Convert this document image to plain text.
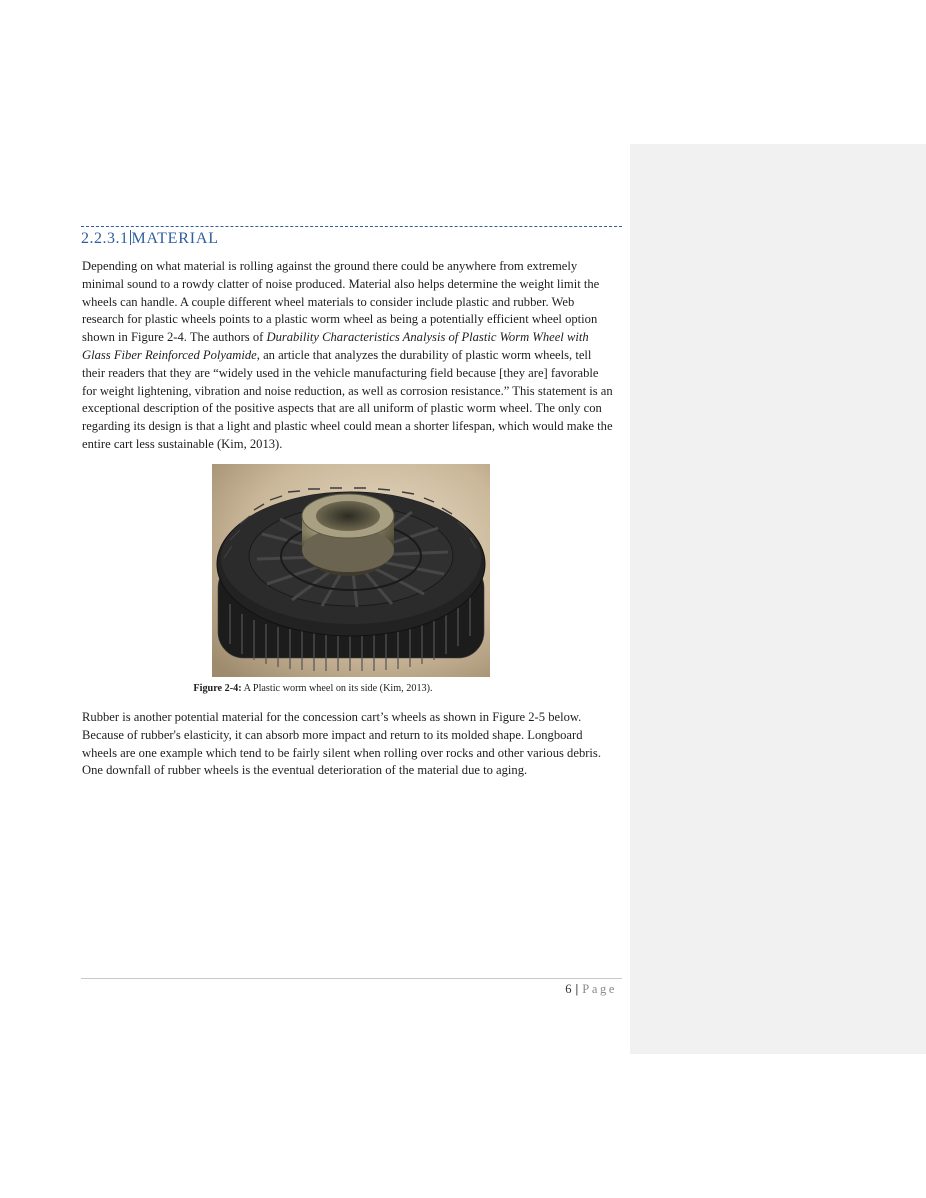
2.2.3.1 MATERIAL

Depending on what material is rolling against the ground there could be anywhere from extremely minimal sound to a rowdy clatter of noise produced. Material also helps determine the weight limit the wheels can handle. A couple different wheel materials to consider include plastic and rubber. Web research for plastic wheels points to a plastic worm wheel as being a potentially efficient wheel option shown in Figure 2-4. The authors of Durability Characteristics Analysis of Plastic Worm Wheel with Glass Fiber Reinforced Polyamide, an article that analyzes the durability of plastic worm wheels, tell their readers that they are “widely used in the vehicle manufacturing field because [they are] favorable for weight lightening, vibration and noise reduction, as well as corrosion resistance.” This statement is an exceptional description of the positive aspects that are all uniform of plastic worm wheel. The only con regarding its design is that a light and plastic wheel could mean a shorter lifespan, which would make the entire cart less sustainable (Kim, 2013).

Figure 2-4: A Plastic worm wheel on its side (Kim, 2013).

Rubber is another potential material for the concession cart’s wheels as shown in Figure 2-5 below. Because of rubber's elasticity, it can absorb more impact and return to its molded shape. Longboard wheels are one example which tend to be fairly silent when rolling over rocks and other various debris. One downfall of rubber wheels is the eventual deterioration of the material due to aging.

6 | Page
